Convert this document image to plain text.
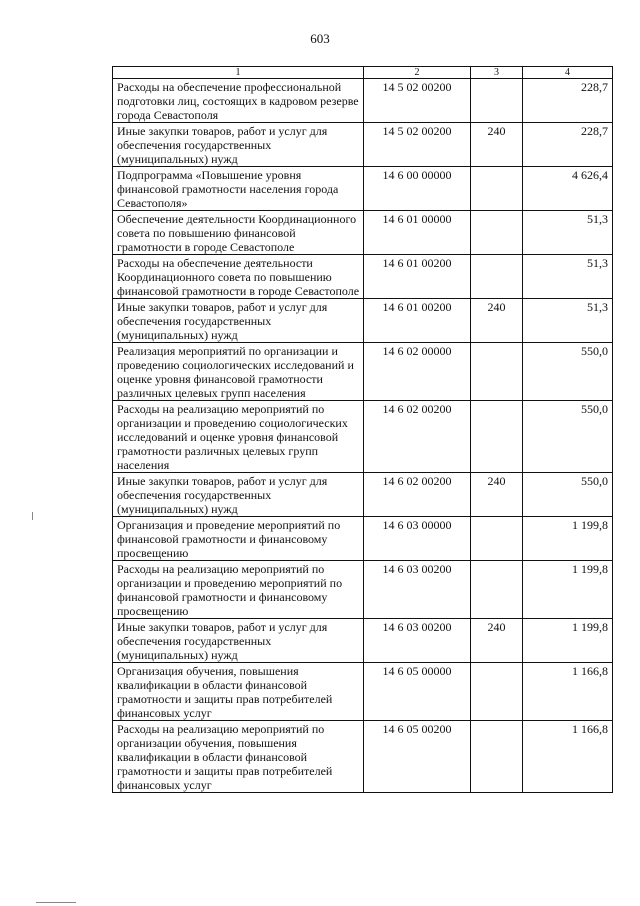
603
1	2	3	4
Расходы на обеспечение профессиональной подготовки лиц, состоящих в кадровом резерве города Севастополя	14 5 02 00200		228,7
Иные закупки товаров, работ и услуг для обеспечения государственных (муниципальных) нужд	14 5 02 00200	240	228,7
Подпрограмма «Повышение уровня финансовой грамотности населения города Севастополя»	14 6 00 00000		4 626,4
Обеспечение деятельности Координационного совета по повышению финансовой грамотности в городе Севастополе	14 6 01 00000		51,3
Расходы на обеспечение деятельности Координационного совета по повышению финансовой грамотности в городе Севастополе	14 6 01 00200		51,3
Иные закупки товаров, работ и услуг для обеспечения государственных (муниципальных) нужд	14 6 01 00200	240	51,3
Реализация мероприятий по организации и проведению социологических исследований и оценке уровня финансовой грамотности различных целевых групп населения	14 6 02 00000		550,0
Расходы на реализацию мероприятий по организации и проведению социологических исследований и оценке уровня финансовой грамотности различных целевых групп населения	14 6 02 00200		550,0
Иные закупки товаров, работ и услуг для обеспечения государственных (муниципальных) нужд	14 6 02 00200	240	550,0
Организация и проведение мероприятий по финансовой грамотности и финансовому просвещению	14 6 03 00000		1 199,8
Расходы на реализацию мероприятий по организации и проведению мероприятий по финансовой грамотности и финансовому просвещению	14 6 03 00200		1 199,8
Иные закупки товаров, работ и услуг для обеспечения государственных (муниципальных) нужд	14 6 03 00200	240	1 199,8
Организация обучения, повышения квалификации в области финансовой грамотности и защиты прав потребителей финансовых услуг	14 6 05 00000		1 166,8
Расходы на реализацию мероприятий по организации обучения, повышения квалификации в области финансовой грамотности и защиты прав потребителей финансовых услуг	14 6 05 00200		1 166,8
